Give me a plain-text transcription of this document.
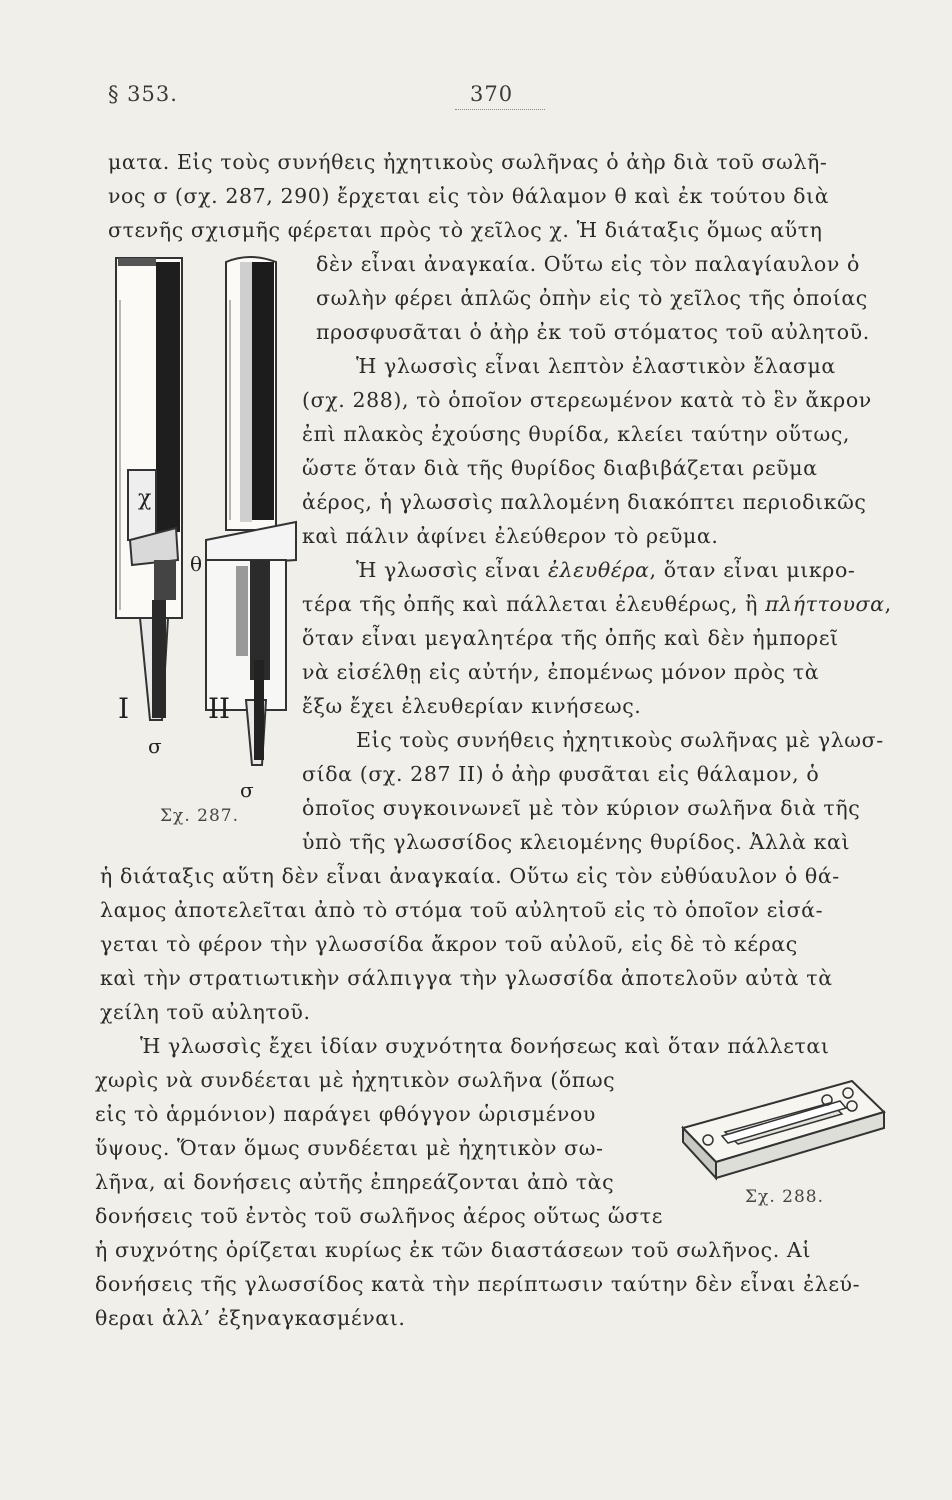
§ 353.	370
ματα. Εἰς τοὺς συνήθεις ἠχητικοὺς σωλῆνας ὁ ἀὴρ διὰ τοῦ σωλῆ-
νος σ (σχ. 287, 290) ἔρχεται εἰς τὸν θάλαμον θ καὶ ἐκ τούτου διὰ
στενῆς σχισμῆς φέρεται πρὸς τὸ χεῖλος χ. Ἡ διάταξις ὅμως αὕτη
δὲν εἶναι ἀναγκαία. Οὕτω εἰς τὸν παλαγίαυλον ὁ
σωλὴν φέρει ἁπλῶς ὀπὴν εἰς τὸ χεῖλος τῆς ὁποίας
προσφυσᾶται ὁ ἀὴρ ἐκ τοῦ στόματος τοῦ αὐλητοῦ.
Ἡ γλωσσὶς εἶναι λεπτὸν ἐλαστικὸν ἔλασμα
(σχ. 288), τὸ ὁποῖον στερεωμένον κατὰ τὸ ἓν ἄκρον
ἐπὶ πλακὸς ἐχούσης θυρίδα, κλείει ταύτην οὕτως,
ὥστε ὅταν διὰ τῆς θυρίδος διαβιβάζεται ρεῦμα
ἀέρος, ἡ γλωσσὶς παλλομένη διακόπτει περιοδικῶς
καὶ πάλιν ἀφίνει ἐλεύθερον τὸ ρεῦμα.
Ἡ γλωσσὶς εἶναι ἐλευθέρα, ὅταν εἶναι μικρο-
τέρα τῆς ὀπῆς καὶ πάλλεται ἐλευθέρως, ἢ πλήττουσα,
ὅταν εἶναι μεγαλητέρα τῆς ὀπῆς καὶ δὲν ἠμπορεῖ
νὰ εἰσέλθῃ εἰς αὐτήν, ἐπομένως μόνον πρὸς τὰ
ἔξω ἔχει ἐλευθερίαν κινήσεως.
Εἰς τοὺς συνήθεις ἠχητικοὺς σωλῆνας μὲ γλωσ-
σίδα (σχ. 287 ΙΙ) ὁ ἀὴρ φυσᾶται εἰς θάλαμον, ὁ
ὁποῖος συγκοινωνεῖ μὲ τὸν κύριον σωλῆνα διὰ τῆς
ὑπὸ τῆς γλωσσίδος κλειομένης θυρίδος. Ἀλλὰ καὶ
ἡ διάταξις αὕτη δὲν εἶναι ἀναγκαία. Οὕτω εἰς τὸν εὐθύαυλον ὁ θά-
λαμος ἀποτελεῖται ἀπὸ τὸ στόμα τοῦ αὐλητοῦ εἰς τὸ ὁποῖον εἰσά-
γεται τὸ φέρον τὴν γλωσσίδα ἄκρον τοῦ αὐλοῦ, εἰς δὲ τὸ κέρας
καὶ τὴν στρατιωτικὴν σάλπιγγα τὴν γλωσσίδα ἀποτελοῦν αὐτὰ τὰ
χείλη τοῦ αὐλητοῦ.
Ἡ γλωσσὶς ἔχει ἰδίαν συχνότητα δονήσεως καὶ ὅταν πάλλεται
χωρὶς νὰ συνδέεται μὲ ἠχητικὸν σωλῆνα (ὅπως
εἰς τὸ ἁρμόνιον) παράγει φθόγγον ὡρισμένου
ὕψους. Ὅταν ὅμως συνδέεται μὲ ἠχητικὸν σω-
λῆνα, αἱ δονήσεις αὐτῆς ἐπηρεάζονται ἀπὸ τὰς
δονήσεις τοῦ ἐντὸς τοῦ σωλῆνος ἀέρος οὕτως ὥστε
ἡ συχνότης ὁρίζεται κυρίως ἐκ τῶν διαστάσεων τοῦ σωλῆνος. Αἱ
δονήσεις τῆς γλωσσίδος κατὰ τὴν περίπτωσιν ταύτην δὲν εἶναι ἐλεύ-
θεραι ἀλλ’ ἐξηναγκασμέναι.
χ
θ
I	II
σ
σ
Σχ. 287.
Σχ. 288.
